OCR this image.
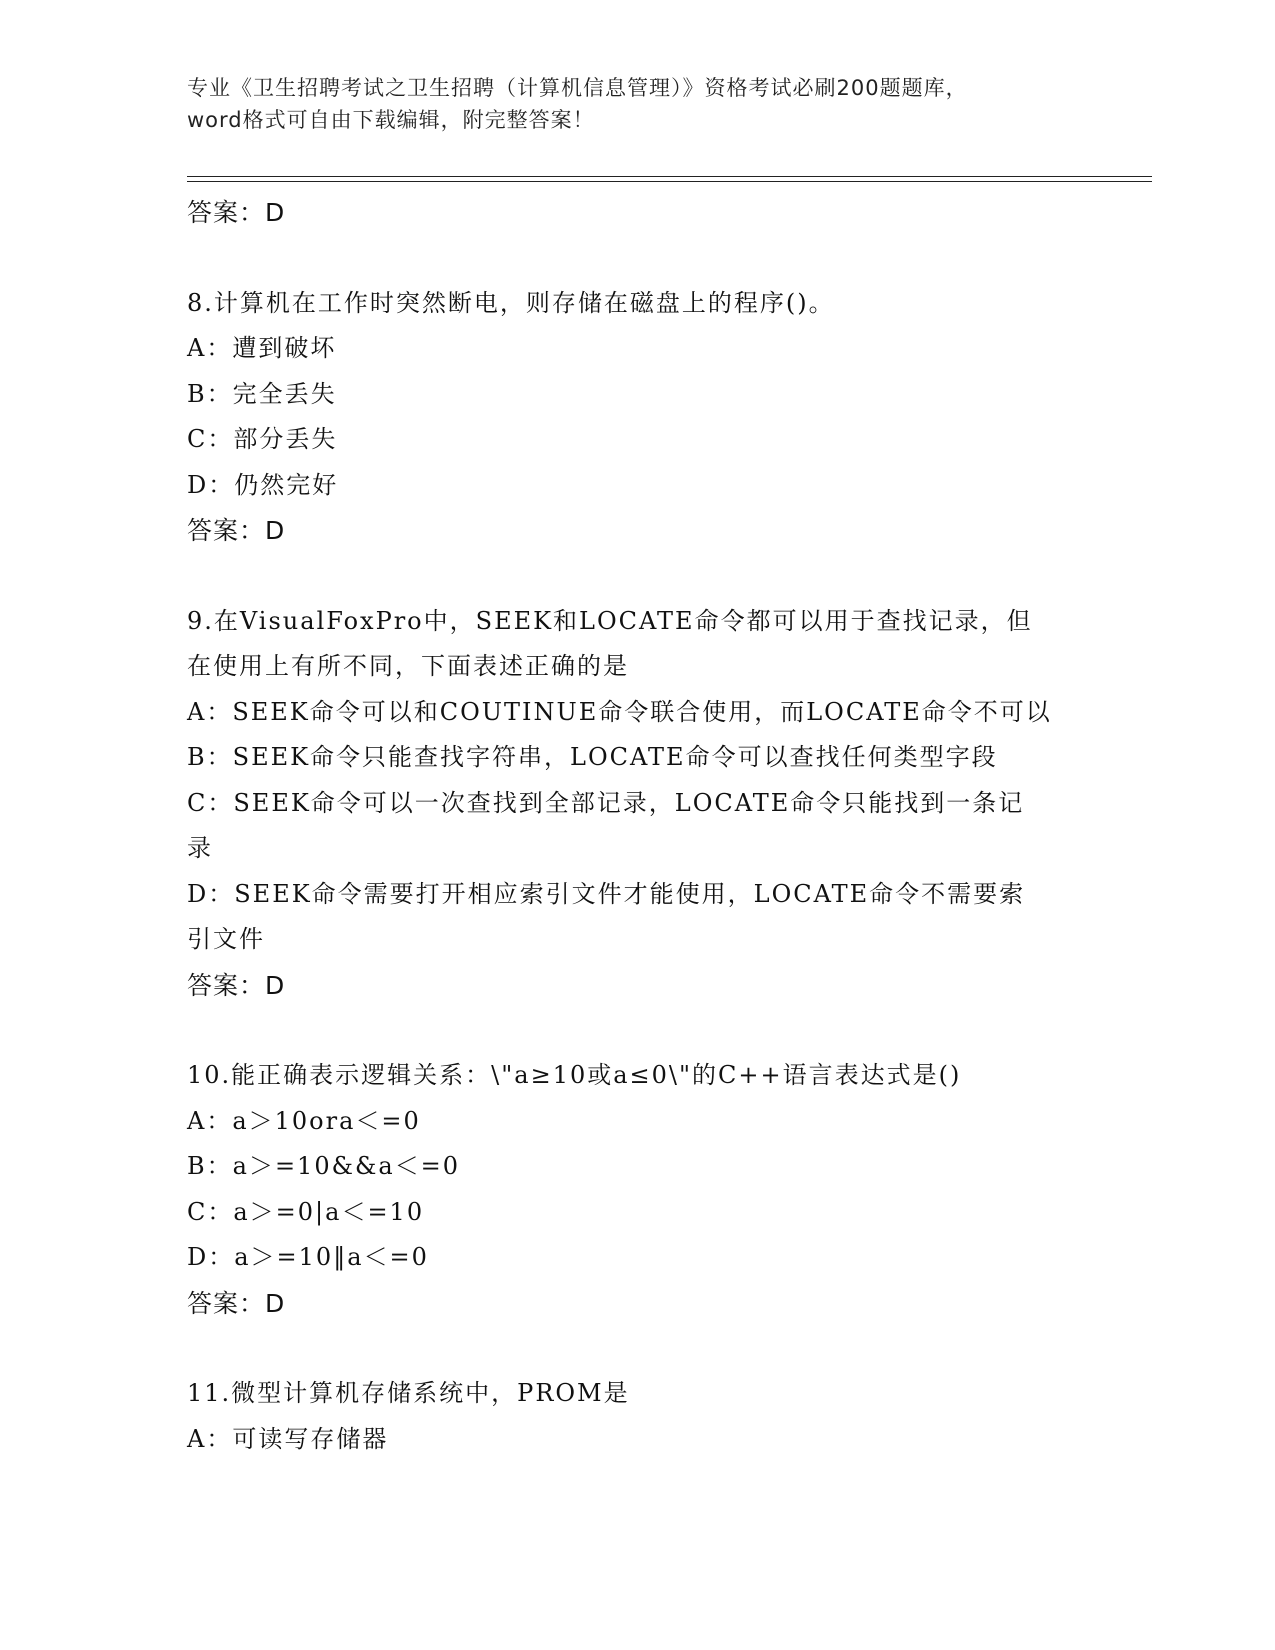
专业《卫生招聘考试之卫生招聘（计算机信息管理）》资格考试必刷200题题库，
word格式可自由下载编辑，附完整答案！
答案：D
8.计算机在工作时突然断电，则存储在磁盘上的程序()。
A：遭到破坏
B：完全丢失
C：部分丢失
D：仍然完好
答案：D
9.在VisualFoxPro中，SEEK和LOCATE命令都可以用于查找记录，但
在使用上有所不同，下面表述正确的是
A：SEEK命令可以和COUTINUE命令联合使用，而LOCATE命令不可以
B：SEEK命令只能查找字符串，LOCATE命令可以查找任何类型字段
C：SEEK命令可以一次查找到全部记录，LOCATE命令只能找到一条记
录
D：SEEK命令需要打开相应索引文件才能使用，LOCATE命令不需要索
引文件
答案：D
10.能正确表示逻辑关系：\"a≥10或a≤0\"的C++语言表达式是()
A：a＞10ora＜=0
B：a＞=10&&a＜=0
C：a＞=0|a＜=10
D：a＞=10‖a＜=0
答案：D
11.微型计算机存储系统中，PROM是
A：可读写存储器
